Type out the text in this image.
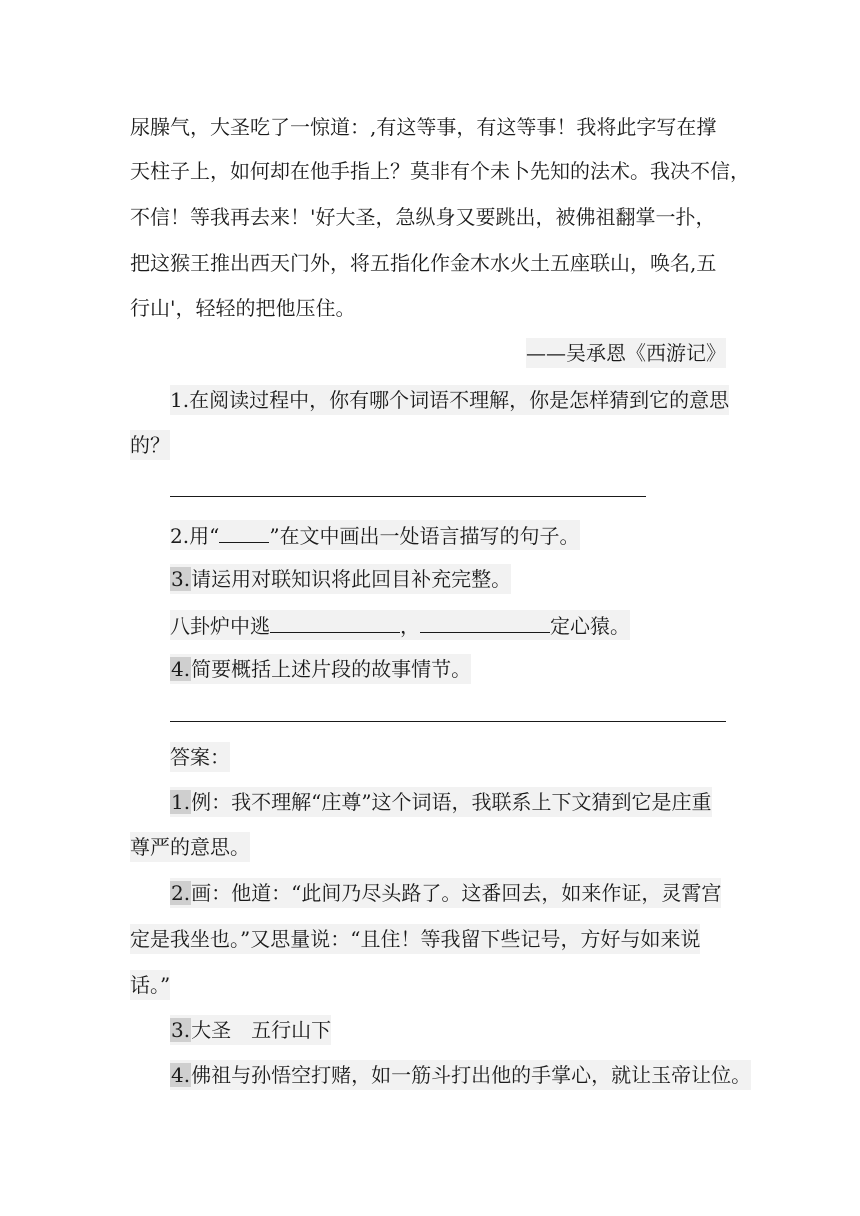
尿臊气，大圣吃了一惊道：,有这等事，有这等事！我将此字写在撑
天柱子上，如何却在他手指上？莫非有个未卜先知的法术。我决不信，
不信！等我再去来！'好大圣，急纵身又要跳出，被佛祖翻掌一扑，
把这猴王推出西天门外，将五指化作金木水火土五座联山，唤名,五
行山'，轻轻的把他压住。
——吴承恩《西游记》
1.在阅读过程中，你有哪个词语不理解，你是怎样猜到它的意思
的？
2.用“	”在文中画出一处语言描写的句子。
3.请运用对联知识将此回目补充完整。
八卦炉中逃	，	定心猿。
4.简要概括上述片段的故事情节。
答案：
1.例：我不理解“庄尊”这个词语，我联系上下文猜到它是庄重
尊严的意思。
2.画：他道：“此间乃尽头路了。这番回去，如来作证，灵霄宫
定是我坐也。”又思量说：“且住！等我留下些记号，方好与如来说
话。”
3.大圣　五行山下
4.佛祖与孙悟空打赌，如一筋斗打出他的手掌心，就让玉帝让位。
